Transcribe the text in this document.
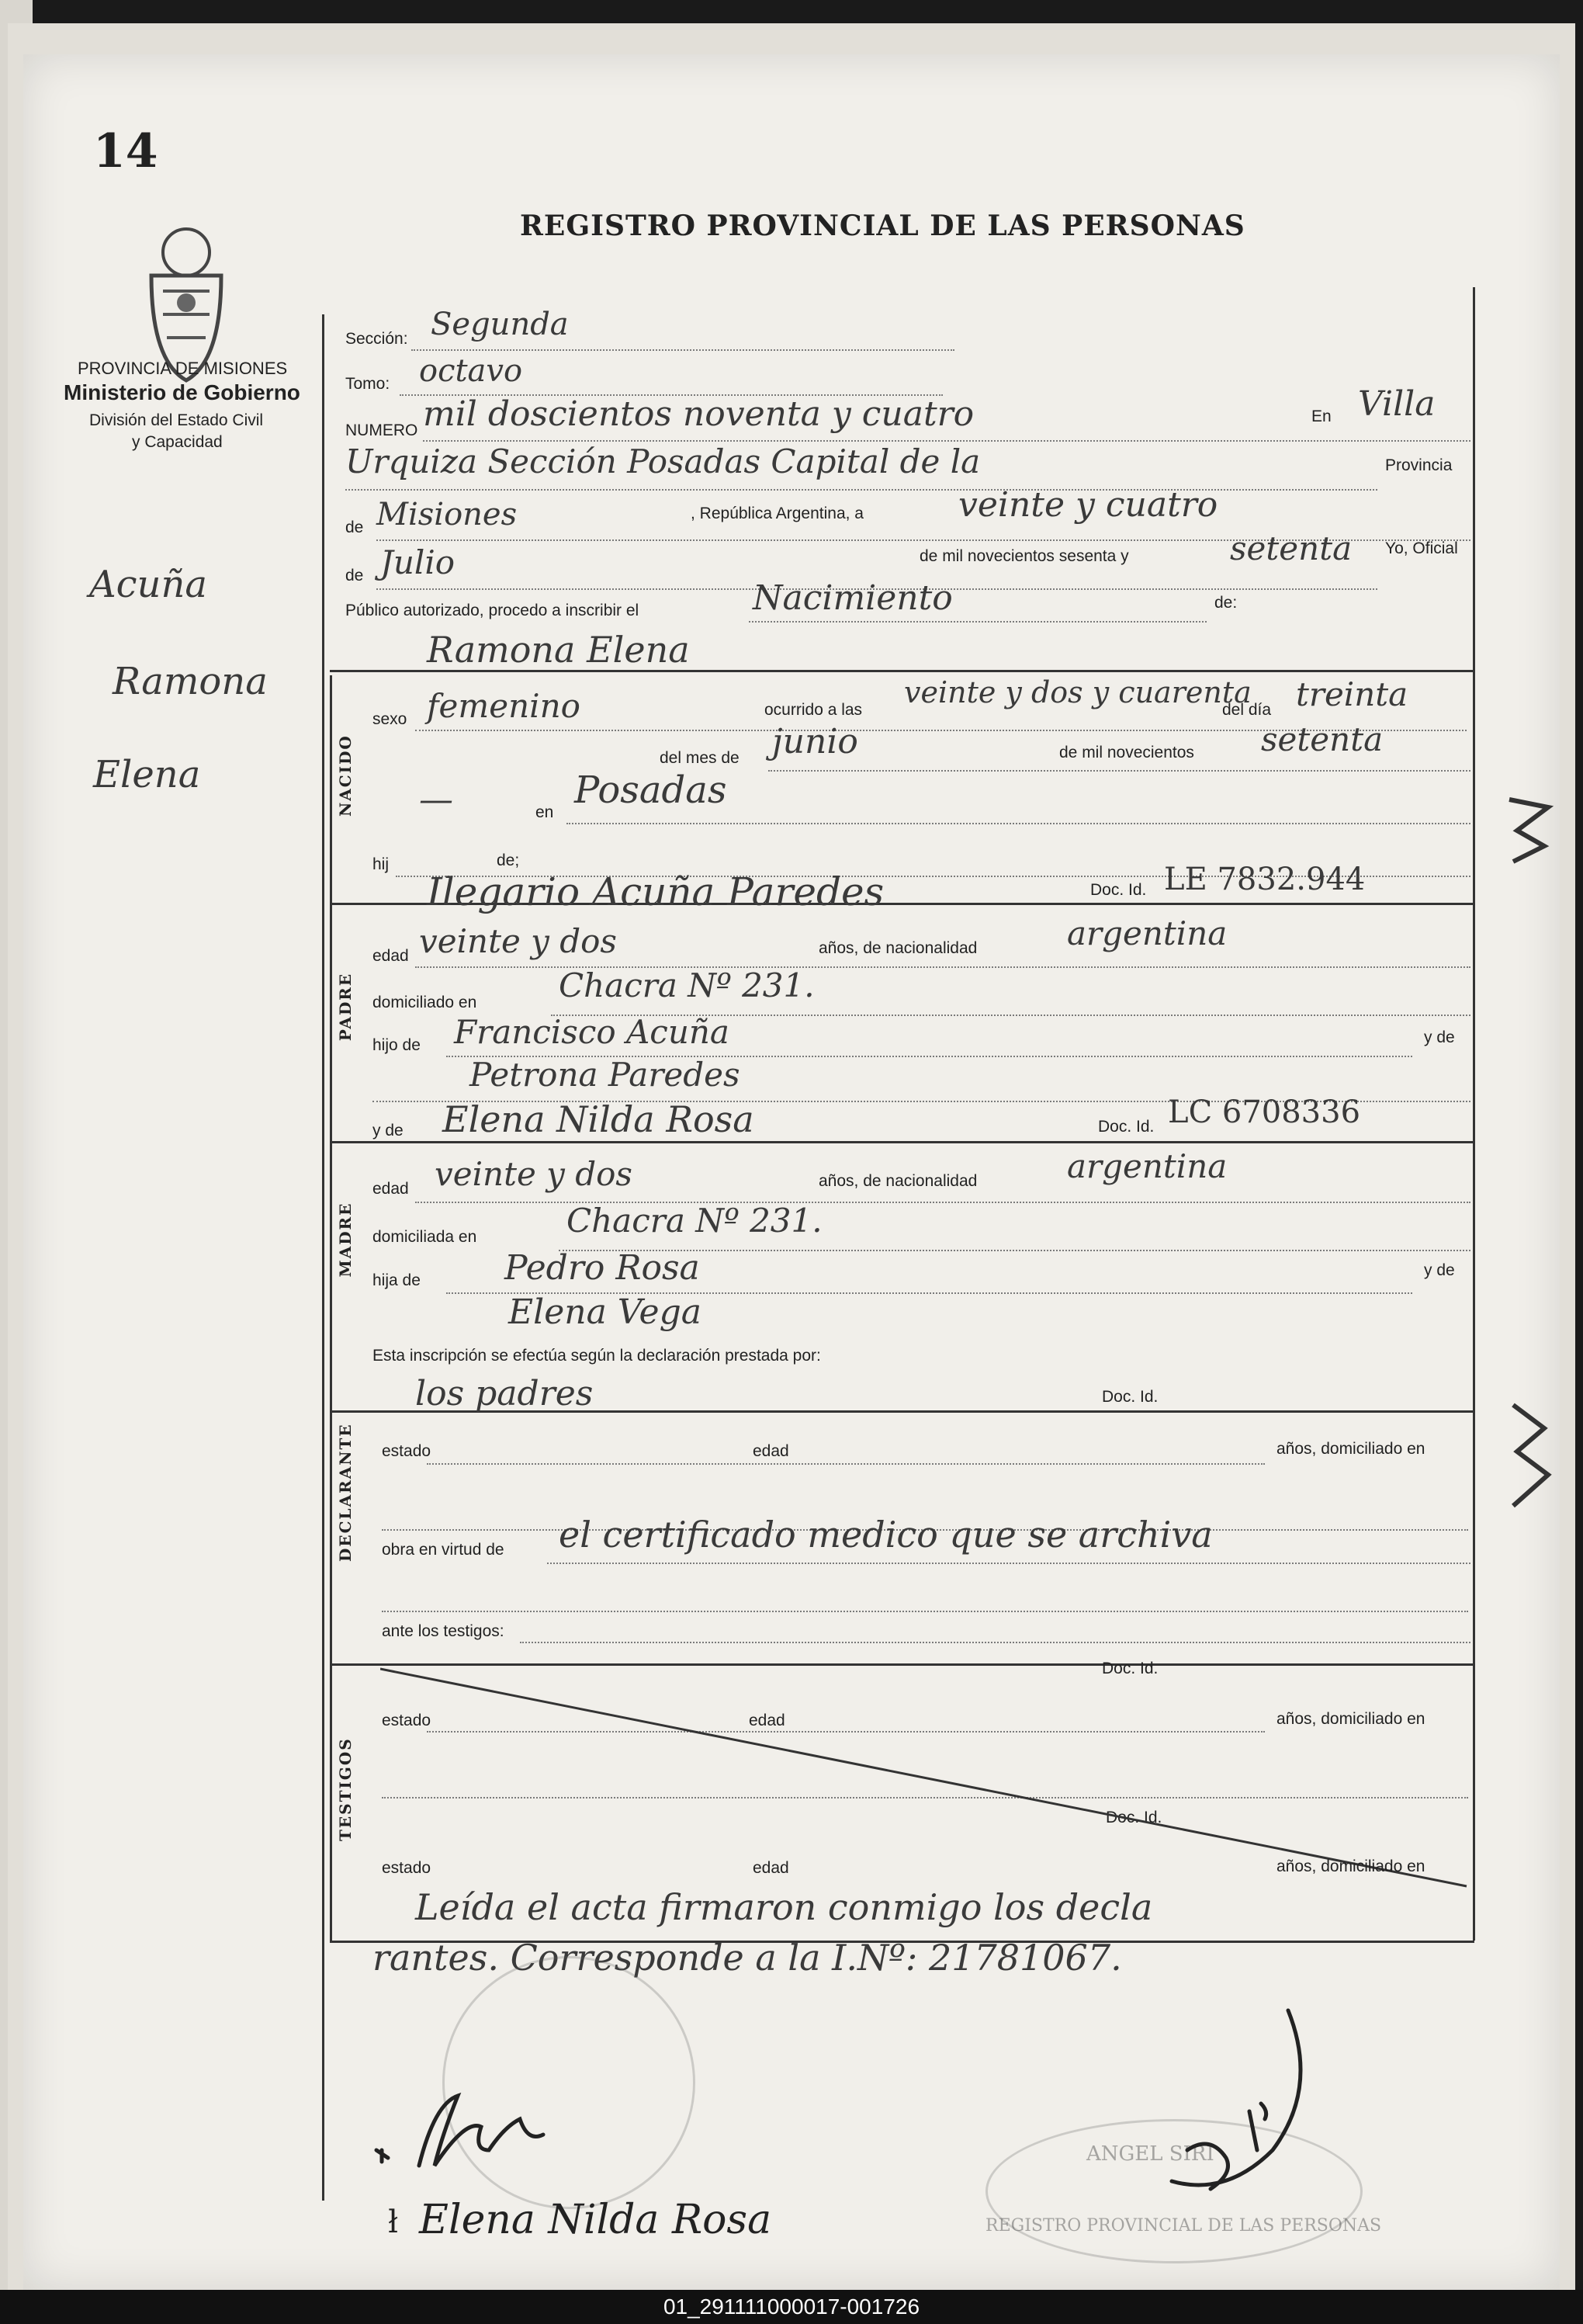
14
REGISTRO PROVINCIAL DE LAS PERSONAS
PROVINCIA DE MISIONES
Ministerio de Gobierno
División del Estado Civil
y Capacidad
Acuña
Ramona
Elena	NACIDO
PADRE
MADRE
DECLARANTE
TESTIGOS
Sección: Segunda
Tomo: octavo
NUMERO mil doscientos noventa y cuatro	En Villa
Urquiza Sección Posadas Capital de la	Provincia
de Misiones	, República Argentina, a	veinte y cuatro
de Julio	de mil novecientos sesenta y	setenta Yo, Oficial
Público autorizado, procedo a inscribir el	Nacimiento	de:
Ramona Elena
sexo femenino	ocurrido a las
veinte y dos y cuarenta
del día treinta
del mes de junio	de mil novecientos setenta
—	en
Posadas
hij	de;
Ilegario Acuña Paredes	Doc. Id. LE 7832.944
edad veinte y dos	años, de nacionalidad	argentina
domiciliado en	Chacra Nº 231.
hijo de Francisco Acuña	y de
Petrona Paredes
y de Elena Nilda Rosa	Doc. Id. LC 6708336
edad veinte y dos	años, de nacionalidad	argentina
domiciliada en	Chacra Nº 231.
hija de Pedro Rosa	y de
Elena Vega
Esta inscripción se efectúa según la declaración prestada por:
los padres	Doc. Id.
estado	edad	años, domiciliado en
obra en virtud de el certificado medico que se archiva
ante los testigos:
Doc. Id.
estado	edad	años, domiciliado en
Doc. Id.
estado	edad	años, domiciliado en
Leída el acta firmaron conmigo los decla
rantes. Corresponde a la I.Nº: 21781067.
ANGEL SIRI
REGISTRO PROVINCIAL DE LAS PERSONAS
ł Elena Nilda Rosa
01_291111000017-001726
